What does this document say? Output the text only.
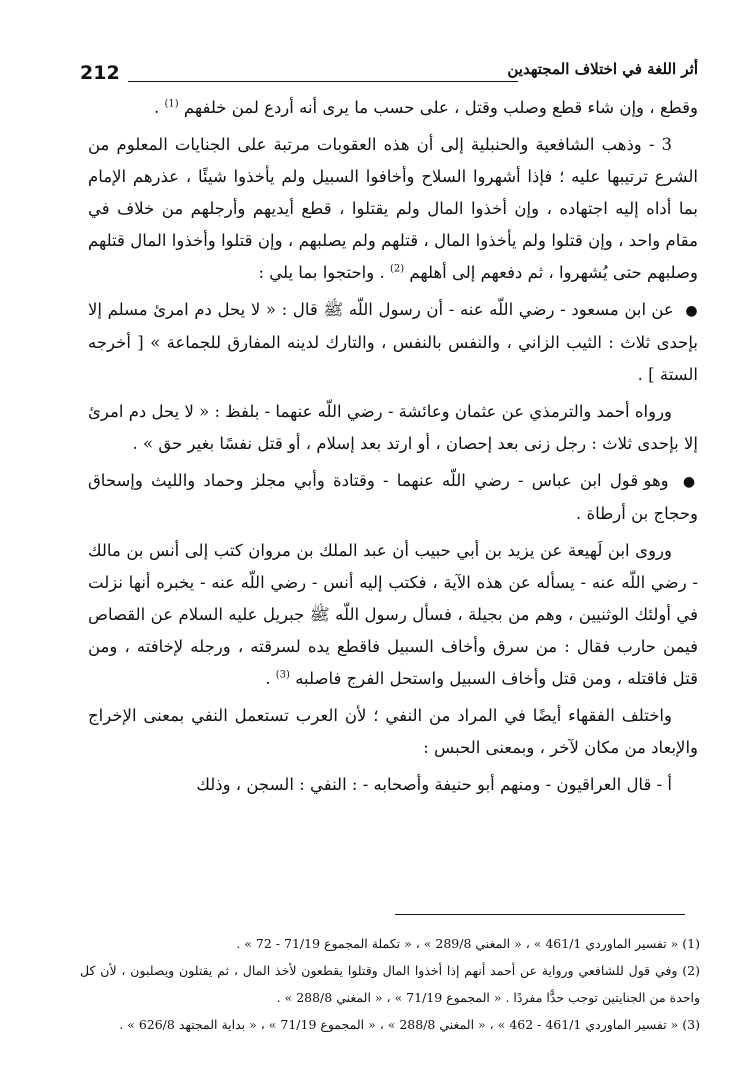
212	أثر اللغة في اختلاف المجتهدين

وقطع ، وإن شاء قطع وصلب وقتل ، على حسب ما يرى أنه أردع لمن خلفهم $^{(1)}$ .

3 - وذهب الشافعية والحنبلية إلى أن هذه العقوبات مرتبة على الجنايات المعلوم من الشرع ترتيبها عليه ؛ فإذا أشهروا السلاح وأخافوا السبيل ولم يأخذوا شيئًا ، عذرهم الإمام بما أداه إليه اجتهاده ، وإن أخذوا المال ولم يقتلوا ، قطع أيديهم وأرجلهم من خلاف في مقام واحد ، وإن قتلوا ولم يأخذوا المال ، قتلهم ولم يصلبهم ، وإن قتلوا وأخذوا المال قتلهم وصلبهم حتى يُشهروا ، ثم دفعهم إلى أهلهم $^{(2)}$ . واحتجوا بما يلي :

● عن ابن مسعود - رضي اللّه عنه - أن رسول اللّه ﷺ قال : « لا يحل دم امرئ مسلم إلا بإحدى ثلاث : الثيب الزاني ، والنفس بالنفس ، والتارك لدينه المفارق للجماعة » [ أخرجه الستة ] .

ورواه أحمد والترمذي عن عثمان وعائشة - رضي اللّه عنهما - بلفظ : « لا يحل دم امرئ إلا بإحدى ثلاث : رجل زنى بعد إحصان ، أو ارتد بعد إسلام ، أو قتل نفسًا بغير حق » .

● وهو قول ابن عباس - رضي اللّه عنهما - وقتادة وأبي مجلز وحماد والليث وإسحاق وحجاج بن أرطاة .

وروى ابن لَهيعة عن يزيد بن أبي حبيب أن عبد الملك بن مروان كتب إلى أنس بن مالك - رضي اللّه عنه - يسأله عن هذه الآية ، فكتب إليه أنس - رضي اللّه عنه - يخبره أنها نزلت في أولئك الوثنيين ، وهم من بجيلة ، فسأل رسول اللّه ﷺ جبريل عليه السلام عن القصاص فيمن حارب فقال : من سرق وأخاف السبيل فاقطع يده لسرقته ، ورجله لإخافته ، ومن قتل فاقتله ، ومن قتل وأخاف السبيل واستحل الفرج فاصلبه $^{(3)}$ .

واختلف الفقهاء أيضًا في المراد من النفي ؛ لأن العرب تستعمل النفي بمعنى الإخراج والإبعاد من مكان لآخر ، وبمعنى الحبس :

أ - قال العراقيون - ومنهم أبو حنيفة وأصحابه - : النفي : السجن ، وذلك

(1) « تفسير الماوردي 461/1 » ، « المغني 289/8 » ، « تكملة المجموع 71/19 - 72 » .

(2) وفي قول للشافعي ورواية عن أحمد أنهم إذا أخذوا المال وقتلوا يقطعون لأخذ المال ، ثم يقتلون ويصلبون ، لأن كل واحدة من الجنايتين توجب حدًّا مفردًا . « المجموع 71/19 » ، « المغني 288/8 » .

(3) « تفسير الماوردي 461/1 - 462 » ، « المغني 288/8 » ، « المجموع 71/19 » ، « بداية المجتهد 626/8 » .
